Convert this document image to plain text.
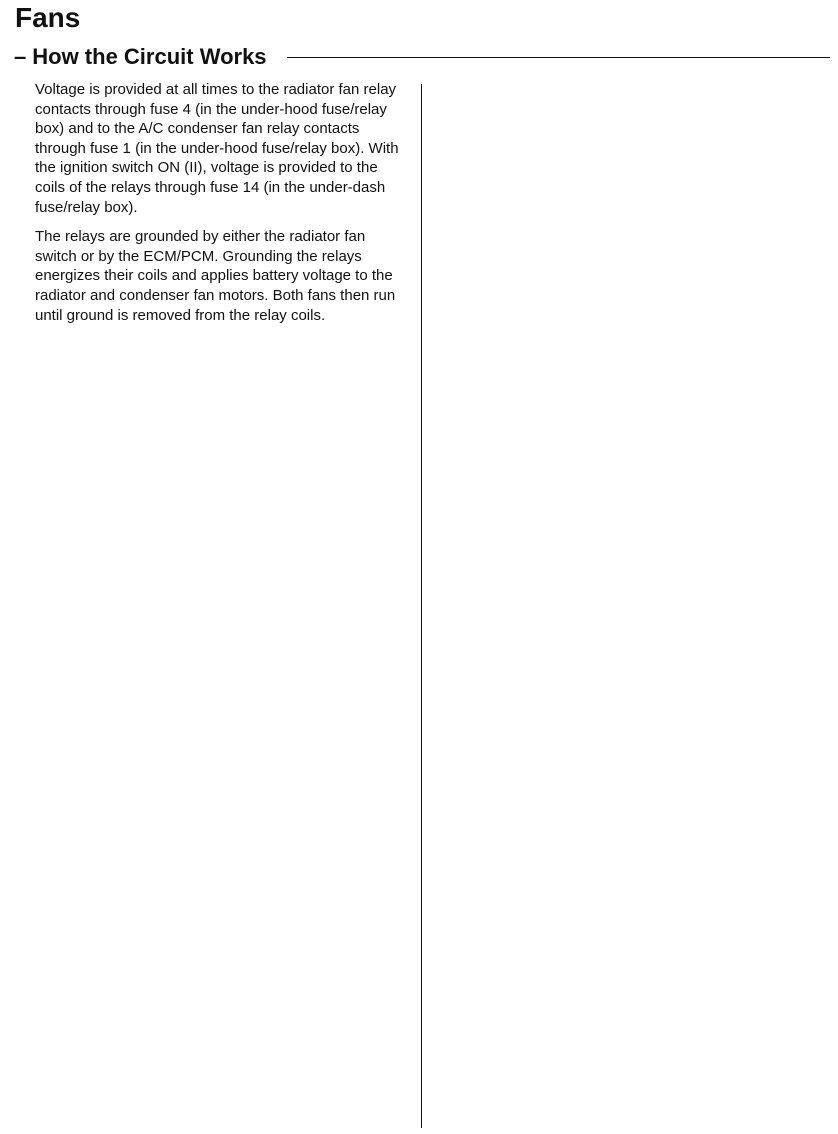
Fans
– How the Circuit Works

Voltage is provided at all times to the radiator fan relay contacts through fuse 4 (in the under-hood fuse/relay box) and to the A/C condenser fan relay contacts through fuse 1 (in the under-hood fuse/relay box). With the ignition switch ON (II), voltage is provided to the coils of the relays through fuse 14 (in the under-dash fuse/relay box).

The relays are grounded by either the radiator fan switch or by the ECM/PCM. Grounding the relays energizes their coils and applies battery voltage to the radiator and condenser fan motors. Both fans then run until ground is removed from the relay coils.
